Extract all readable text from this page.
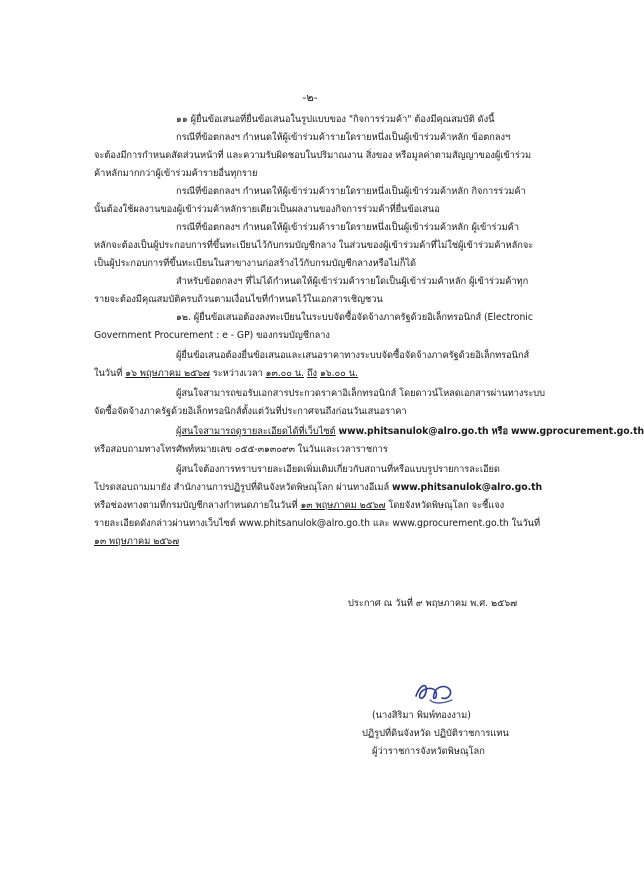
-๒-
๑๑ ผู้ยื่นข้อเสนอที่ยื่นข้อเสนอในรูปแบบของ "กิจการร่วมค้า" ต้องมีคุณสมบัติ ดังนี้
กรณีที่ข้อตกลงฯ กำหนดให้ผู้เข้าร่วมค้ารายใดรายหนึ่งเป็นผู้เข้าร่วมค้าหลัก ข้อตกลงฯ
จะต้องมีการกำหนดสัดส่วนหน้าที่ และความรับผิดชอบในปริมาณงาน สิ่งของ หรือมูลค่าตามสัญญาของผู้เข้าร่วม
ค้าหลักมากกว่าผู้เข้าร่วมค้ารายอื่นทุกราย
กรณีที่ข้อตกลงฯ กำหนดให้ผู้เข้าร่วมค้ารายใดรายหนึ่งเป็นผู้เข้าร่วมค้าหลัก กิจการร่วมค้า
นั้นต้องใช้ผลงานของผู้เข้าร่วมค้าหลักรายเดียวเป็นผลงานของกิจการร่วมค้าที่ยื่นข้อเสนอ
กรณีที่ข้อตกลงฯ กำหนดให้ผู้เข้าร่วมค้ารายใดรายหนึ่งเป็นผู้เข้าร่วมค้าหลัก ผู้เข้าร่วมค้า
หลักจะต้องเป็นผู้ประกอบการที่ขึ้นทะเบียนไว้กับกรมบัญชีกลาง ในส่วนของผู้เข้าร่วมค้าที่ไม่ใช่ผู้เข้าร่วมค้าหลักจะ
เป็นผู้ประกอบการที่ขึ้นทะเบียนในสาขางานก่อสร้างไว้กับกรมบัญชีกลางหรือไม่ก็ได้
สำหรับข้อตกลงฯ ที่ไม่ได้กำหนดให้ผู้เข้าร่วมค้ารายใดเป็นผู้เข้าร่วมค้าหลัก ผู้เข้าร่วมค้าทุก
รายจะต้องมีคุณสมบัติครบถ้วนตามเงื่อนไขที่กำหนดไว้ในเอกสารเชิญชวน
๑๒. ผู้ยื่นข้อเสนอต้องลงทะเบียนในระบบจัดซื้อจัดจ้างภาครัฐด้วยอิเล็กทรอนิกส์ (Electronic
Government Procurement : e - GP) ของกรมบัญชีกลาง
ผู้ยื่นข้อเสนอต้องยื่นข้อเสนอและเสนอราคาทางระบบจัดซื้อจัดจ้างภาครัฐด้วยอิเล็กทรอนิกส์
ในวันที่ ๑๖ พฤษภาคม ๒๕๖๗ ระหว่างเวลา ๑๓.๐๐ น. ถึง ๑๖.๐๐ น.
ผู้สนใจสามารถขอรับเอกสารประกวดราคาอิเล็กทรอนิกส์ โดยดาวน์โหลดเอกสารผ่านทางระบบ
จัดซื้อจัดจ้างภาครัฐด้วยอิเล็กทรอนิกส์ตั้งแต่วันที่ประกาศจนถึงก่อนวันเสนอราคา
ผู้สนใจสามารถดูรายละเอียดได้ที่เว็บไซต์ www.phitsanulok@alro.go.th หรือ www.gprocurement.go.th
หรือสอบถามทางโทรศัพท์หมายเลข ๐๕๕-๓๑๓๐๙๓ ในวันและเวลาราชการ
ผู้สนใจต้องการทราบรายละเอียดเพิ่มเติมเกี่ยวกับสถานที่หรือแบบรูปรายการละเอียด
โปรดสอบถามมายัง สำนักงานการปฏิรูปที่ดินจังหวัดพิษณุโลก ผ่านทางอีเมล์ www.phitsanulok@alro.go.th
หรือช่องทางตามที่กรมบัญชีกลางกำหนดภายในวันที่ ๑๓ พฤษภาคม ๒๕๖๗ โดยจังหวัดพิษณุโลก จะชี้แจง
รายละเอียดดังกล่าวผ่านทางเว็บไซต์ www.phitsanulok@alro.go.th และ www.gprocurement.go.th ในวันที่
๑๓ พฤษภาคม ๒๕๖๗
ประกาศ ณ วันที่ ๙ พฤษภาคม พ.ศ. ๒๕๖๗
(นางสิริมา พิมพ์ทองงาม)
ปฏิรูปที่ดินจังหวัด ปฏิบัติราชการแทน
ผู้ว่าราชการจังหวัดพิษณุโลก
